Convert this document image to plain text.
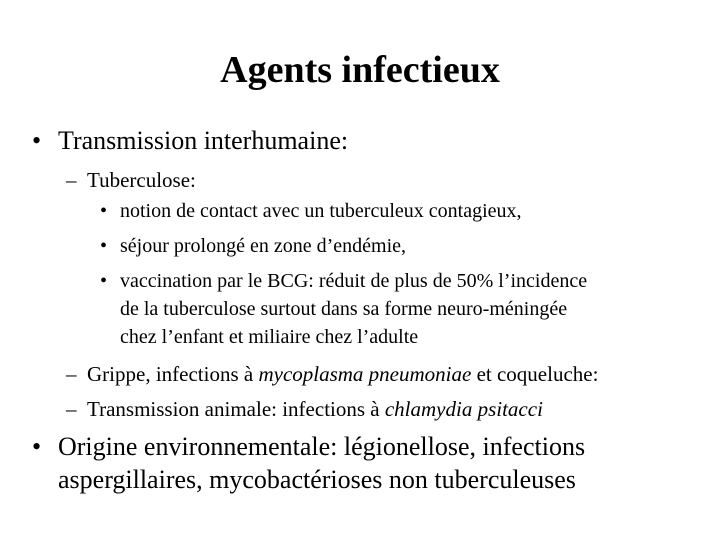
Agents infectieux
• Transmission interhumaine:
– Tuberculose:
• notion de contact avec un tuberculeux contagieux,
• séjour prolongé en zone d’endémie,
• vaccination par le BCG: réduit de plus de 50% l’incidence
de la tuberculose surtout dans sa forme neuro-méningée
chez l’enfant et miliaire chez l’adulte
– Grippe, infections à mycoplasma pneumoniae et coqueluche:
– Transmission animale: infections à chlamydia psitacci
• Origine environnementale: légionellose, infections
aspergillaires, mycobactérioses non tuberculeuses
